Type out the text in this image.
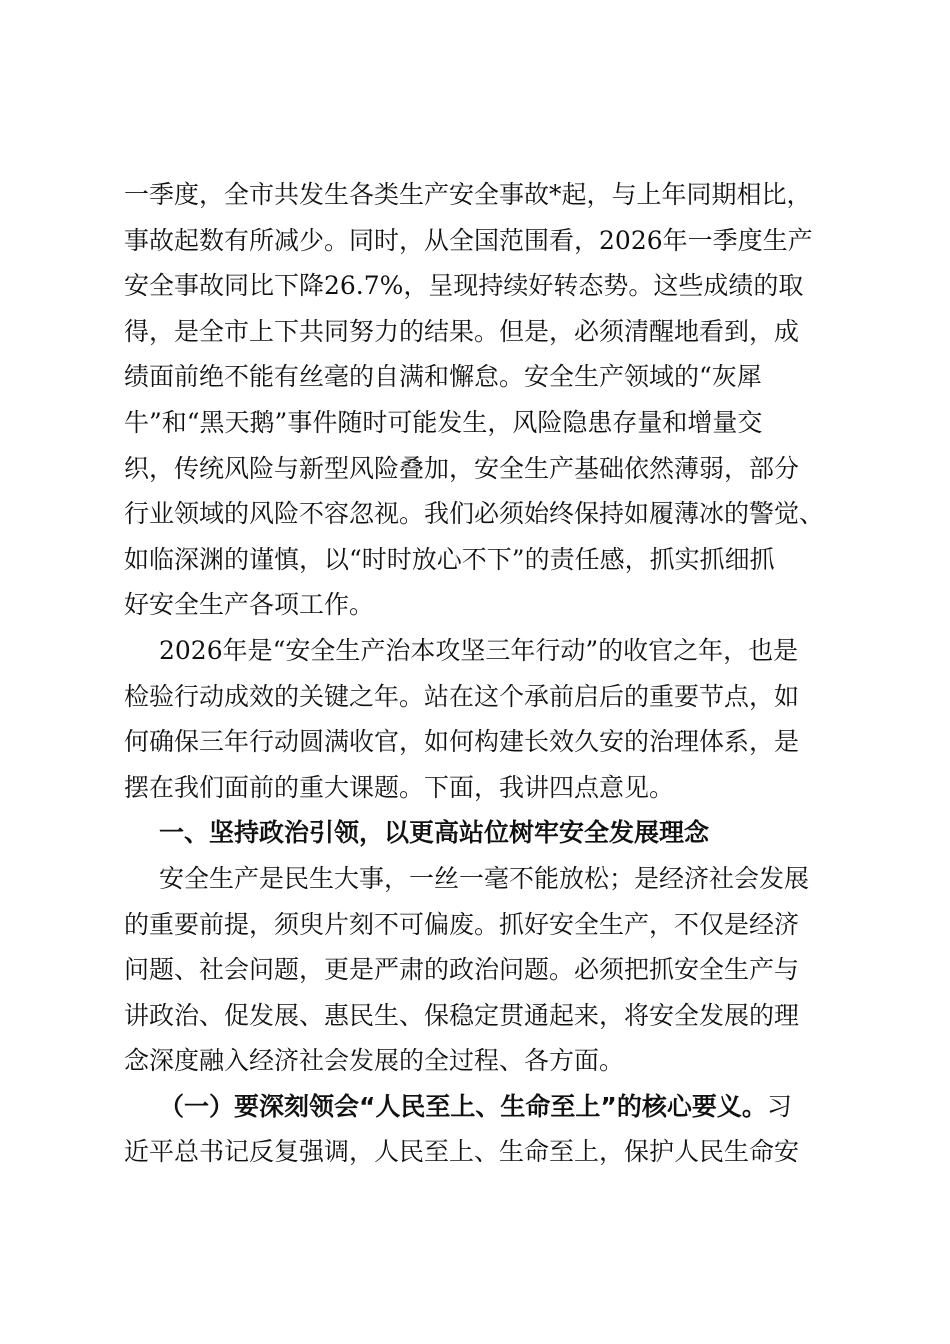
一季度，全市共发生各类生产安全事故*起，与上年同期相比，
事故起数有所减少。同时，从全国范围看，2026年一季度生产
安全事故同比下降26.7%，呈现持续好转态势。这些成绩的取
得，是全市上下共同努力的结果。但是，必须清醒地看到，成
绩面前绝不能有丝毫的自满和懈怠。安全生产领域的“灰犀
牛”和“黑天鹅”事件随时可能发生，风险隐患存量和增量交
织，传统风险与新型风险叠加，安全生产基础依然薄弱，部分
行业领域的风险不容忽视。我们必须始终保持如履薄冰的警觉、
如临深渊的谨慎，以“时时放心不下”的责任感，抓实抓细抓
好安全生产各项工作。

2026年是“安全生产治本攻坚三年行动”的收官之年，也是
检验行动成效的关键之年。站在这个承前启后的重要节点，如
何确保三年行动圆满收官，如何构建长效久安的治理体系，是
摆在我们面前的重大课题。下面，我讲四点意见。

一、坚持政治引领，以更高站位树牢安全发展理念

安全生产是民生大事，一丝一毫不能放松；是经济社会发展
的重要前提，须臾片刻不可偏废。抓好安全生产，不仅是经济
问题、社会问题，更是严肃的政治问题。必须把抓安全生产与
讲政治、促发展、惠民生、保稳定贯通起来，将安全发展的理
念深度融入经济社会发展的全过程、各方面。

（一）要深刻领会“人民至上、生命至上”的核心要义。习
近平总书记反复强调，人民至上、生命至上，保护人民生命安
